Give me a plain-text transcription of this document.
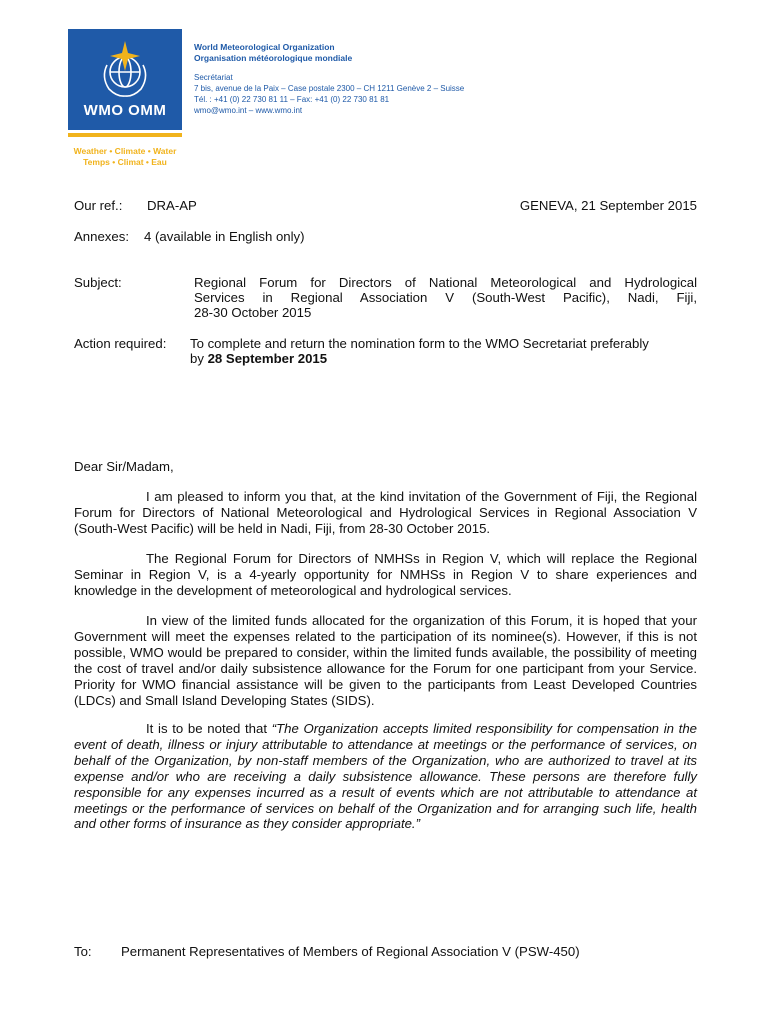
WMO OMM
Weather • Climate • Water
Temps • Climat • Eau
World Meteorological Organization
Organisation météorologique mondiale
Secrétariat
7 bis, avenue de la Paix – Case postale 2300 – CH 1211 Genève 2 – Suisse
Tél. : +41 (0) 22 730 81 11 – Fax: +41 (0) 22 730 81 81
wmo@wmo.int – www.wmo.int
Our ref.: DRA-AP	GENEVA, 21 September 2015
Annexes: 4 (available in English only)
Subject:	Regional Forum for Directors of National Meteorological and Hydrological
Services in Regional Association V (South-West Pacific), Nadi, Fiji,
28-30 October 2015
Action required: To complete and return the nomination form to the WMO Secretariat preferably
by 28 September 2015
Dear Sir/Madam,
I am pleased to inform you that, at the kind invitation of the Government of Fiji, the Regional Forum for Directors of National Meteorological and Hydrological Services in Regional Association V (South-West Pacific) will be held in Nadi, Fiji, from 28-30 October 2015.
The Regional Forum for Directors of NMHSs in Region V, which will replace the Regional Seminar in Region V, is a 4-yearly opportunity for NMHSs in Region V to share experiences and knowledge in the development of meteorological and hydrological services.
In view of the limited funds allocated for the organization of this Forum, it is hoped that your Government will meet the expenses related to the participation of its nominee(s). However, if this is not possible, WMO would be prepared to consider, within the limited funds available, the possibility of meeting the cost of travel and/or daily subsistence allowance for the Forum for one participant from your Service. Priority for WMO financial assistance will be given to the participants from Least Developed Countries (LDCs) and Small Island Developing States (SIDS).
It is to be noted that “The Organization accepts limited responsibility for compensation in the event of death, illness or injury attributable to attendance at meetings or the performance of services, on behalf of the Organization, by non-staff members of the Organization, who are authorized to travel at its expense and/or who are receiving a daily subsistence allowance. These persons are therefore fully responsible for any expenses incurred as a result of events which are not attributable to attendance at meetings or the performance of services on behalf of the Organization and for arranging such life, health and other forms of insurance as they consider appropriate.”
To: Permanent Representatives of Members of Regional Association V (PSW-450)
